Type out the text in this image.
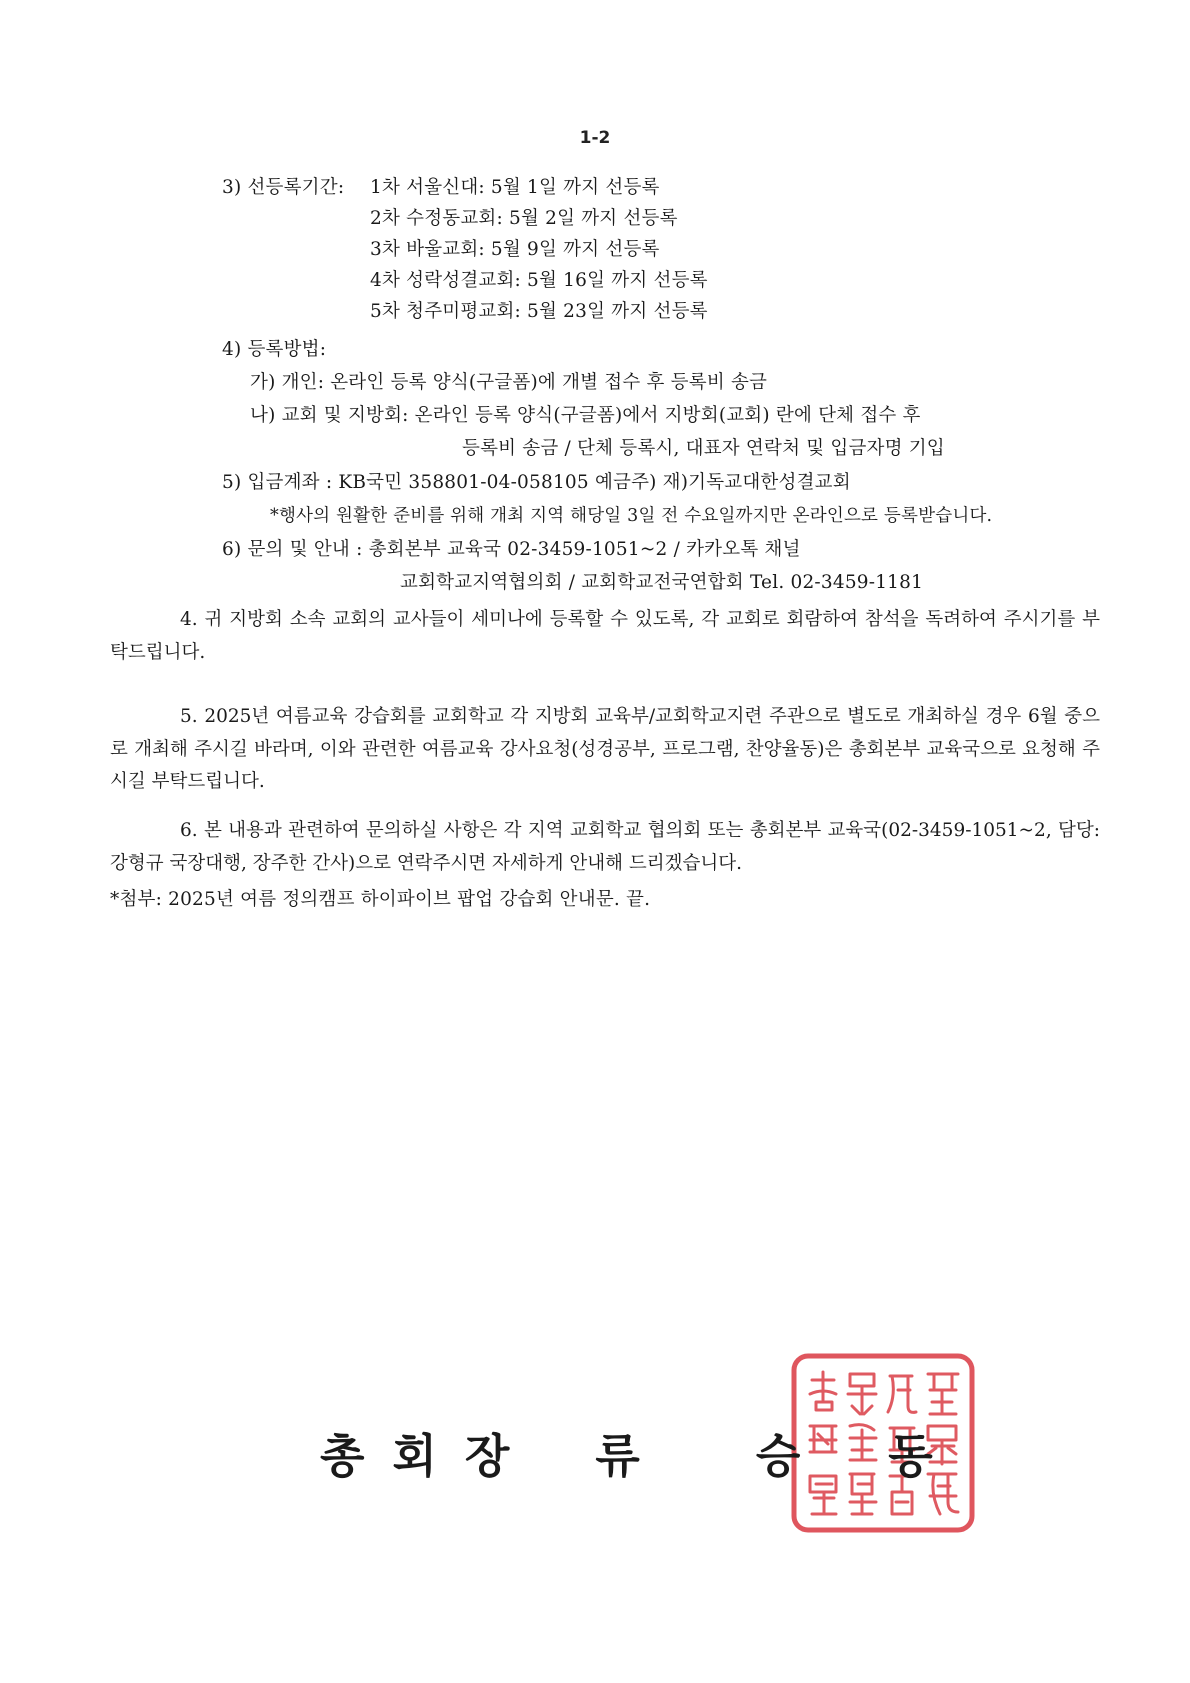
1-2
3) 선등록기간: 1차 서울신대: 5월 1일 까지 선등록
2차 수정동교회: 5월 2일 까지 선등록
3차 바울교회: 5월 9일 까지 선등록
4차 성락성결교회: 5월 16일 까지 선등록
5차 청주미평교회: 5월 23일 까지 선등록
4) 등록방법:
가) 개인: 온라인 등록 양식(구글폼)에 개별 접수 후 등록비 송금
나) 교회 및 지방회: 온라인 등록 양식(구글폼)에서 지방회(교회) 란에 단체 접수 후
등록비 송금 / 단체 등록시, 대표자 연락처 및 입금자명 기입
5) 입금계좌 : KB국민 358801-04-058105 예금주) 재)기독교대한성결교회
*행사의 원활한 준비를 위해 개최 지역 해당일 3일 전 수요일까지만 온라인으로 등록받습니다.
6) 문의 및 안내 : 총회본부 교육국 02-3459-1051~2 / 카카오톡 채널
교회학교지역협의회 / 교회학교전국연합회 Tel. 02-3459-1181
4. 귀 지방회 소속 교회의 교사들이 세미나에 등록할 수 있도록, 각 교회로 회람하여 참석을 독려하여 주시기를 부탁드립니다.
5. 2025년 여름교육 강습회를 교회학교 각 지방회 교육부/교회학교지련 주관으로 별도로 개최하실 경우 6월 중으로 개최해 주시길 바라며, 이와 관련한 여름교육 강사요청(성경공부, 프로그램, 찬양율동)은 총회본부 교육국으로 요청해 주시길 부탁드립니다.
6. 본 내용과 관련하여 문의하실 사항은 각 지역 교회학교 협의회 또는 총회본부 교육국(02-3459-1051~2, 담당: 강형규 국장대행, 장주한 간사)으로 연락주시면 자세하게 안내해 드리겠습니다.
*첨부: 2025년 여름 정의캠프 하이파이브 팝업 강습회 안내문. 끝.
총 회 장 류	승 동
